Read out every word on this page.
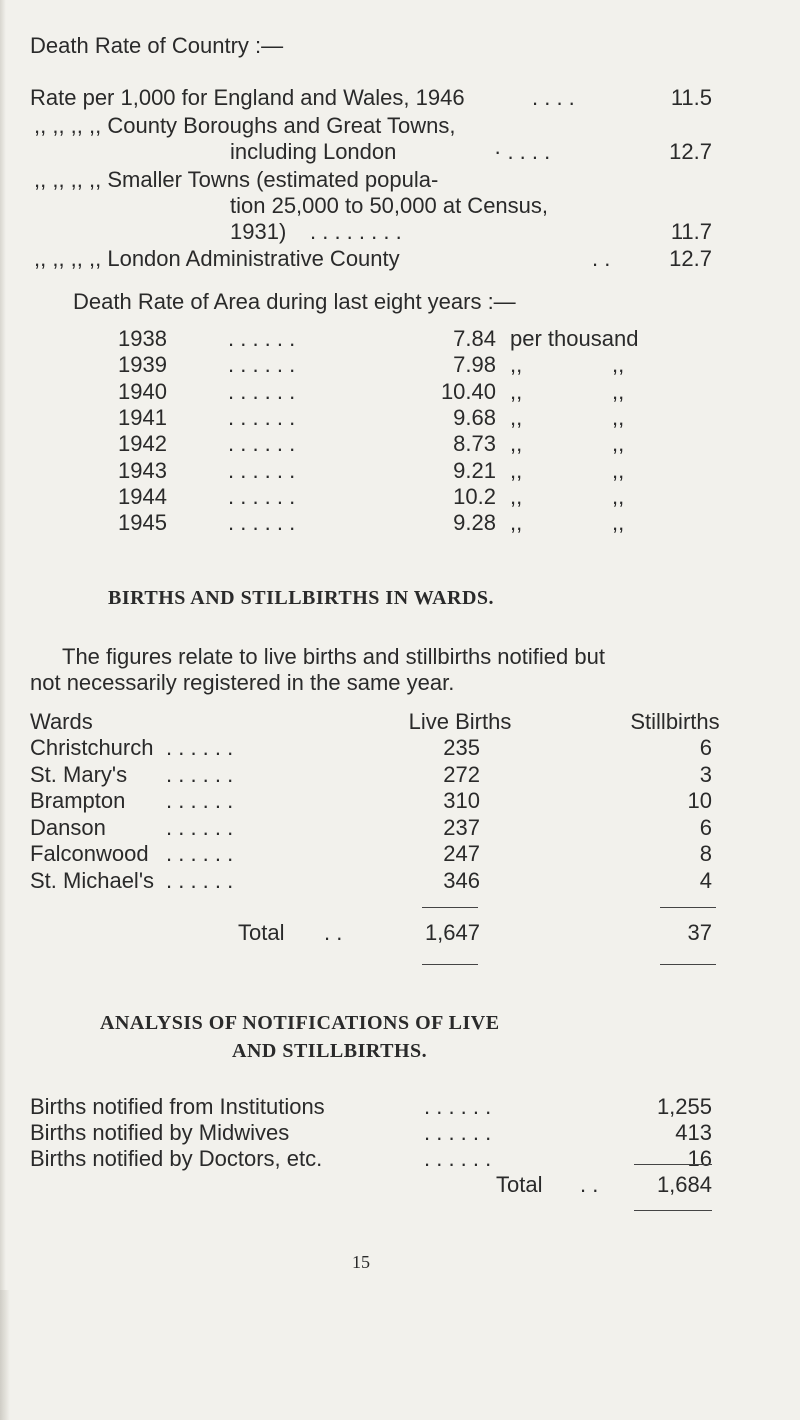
Death Rate of Country :—
Rate per 1,000 for England and Wales, 1946	. . . .	11.5
,, ,, ,, ,, County Boroughs and Great Towns,
including London	· . . . .	12.7
,, ,, ,, ,, Smaller Towns (estimated popula-
tion 25,000 to 50,000 at Census,
1931) . . . . . . . .	11.7
,, ,, ,, ,, London Administrative County	. .	12.7
Death Rate of Area during last eight years :—
1938	. . . . . .	7.84 per thousand
1939	. . . . . .	7.98 ,,	,,
1940	. . . . . .	10.40 ,,	,,
1941	. . . . . .	9.68 ,,	,,
1942	. . . . . .	8.73 ,,	,,
1943	. . . . . .	9.21 ,,	,,
1944	. . . . . .	10.2 ,,	,,
1945	. . . . . .	9.28 ,,	,,
BIRTHS AND STILLBIRTHS IN WARDS.
The figures relate to live births and stillbirths notified but
not necessarily registered in the same year.
Wards	Live Births	Stillbirths
Christchurch . . . . . .	235	6
St. Mary's . . . . . .	272	3
Brampton . . . . . .	310	10
Danson	. . . . . .	237	6
Falconwood . . . . . .	247	8
St. Michael's . . . . . .	346	4
Total . .	1,647	37
ANALYSIS OF NOTIFICATIONS OF LIVE
AND STILLBIRTHS.
Births notified from Institutions	. . . . . .	1,255
Births notified by Midwives	. . . . . .	413
Births notified by Doctors, etc.	. . . . . .	16
Total . .	1,684
15
